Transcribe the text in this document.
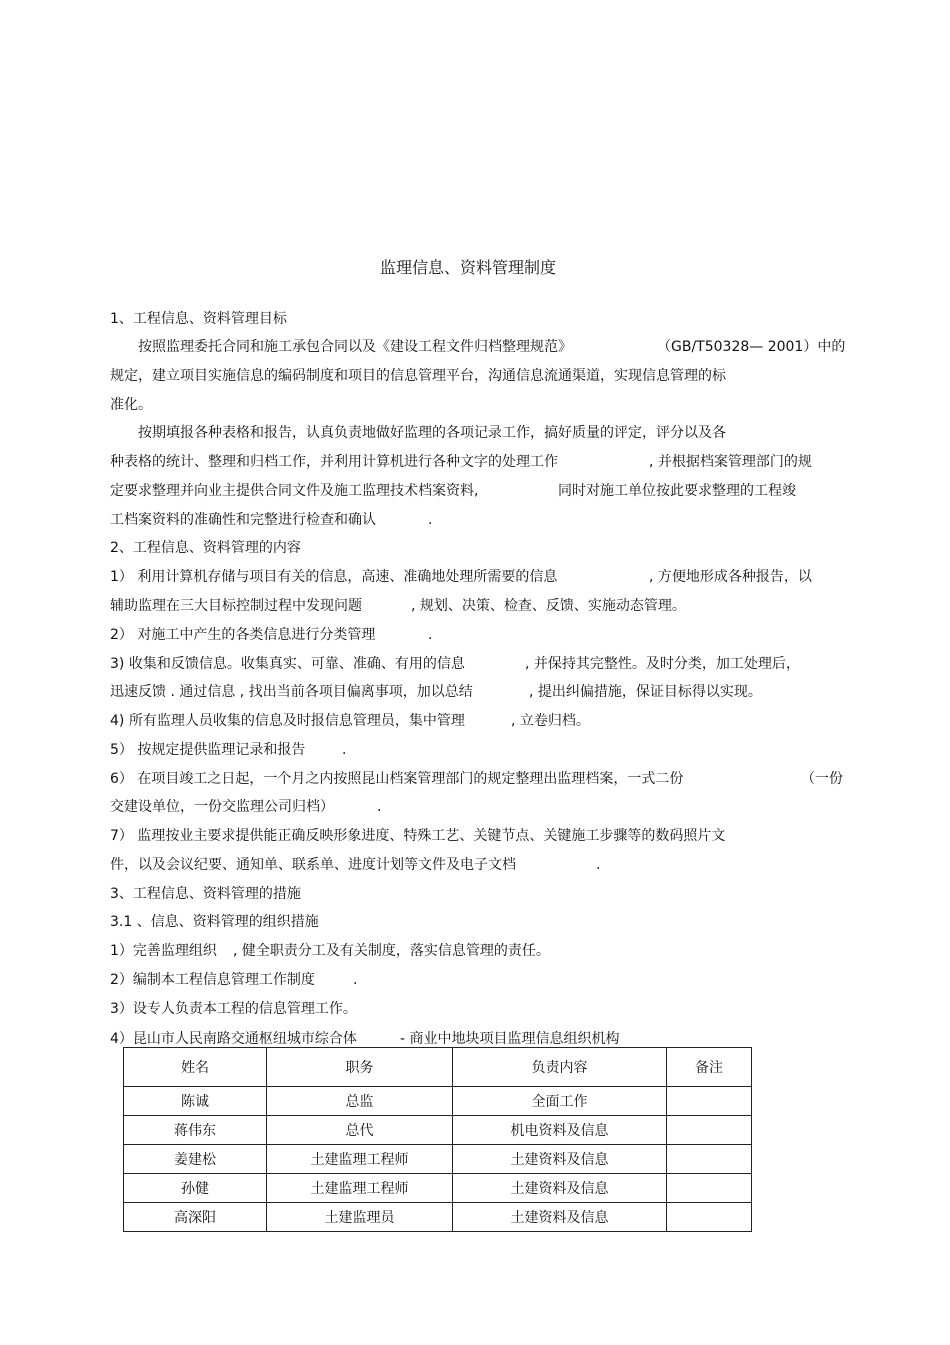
监理信息、资料管理制度
1、工程信息、资料管理目标
按照监理委托合同和施工承包合同以及《建设工程文件归档整理规范》	（GB/T50328— 2001）中的
规定，建立项目实施信息的编码制度和项目的信息管理平台，沟通信息流通渠道，实现信息管理的标
准化。
按期填报各种表格和报告，认真负责地做好监理的各项记录工作，搞好质量的评定，评分以及各
种表格的统计、整理和归档工作，并利用计算机进行各种文字的处理工作	, 并根据档案管理部门的规
定要求整理并向业主提供合同文件及施工监理技术档案资料,	同时对施工单位按此要求整理的工程竣
工档案资料的准确性和完整进行检查和确认	.
2、工程信息、资料管理的内容
1） 利用计算机存储与项目有关的信息，高速、准确地处理所需要的信息	, 方便地形成各种报告，以
辅助监理在三大目标控制过程中发现问题	, 规划、决策、检查、反馈、实施动态管理。
2） 对施工中产生的各类信息进行分类管理	.
3) 收集和反馈信息。收集真实、可靠、准确、有用的信息	, 并保持其完整性。及时分类，加工处理后，
迅速反馈 . 通过信息 , 找出当前各项目偏离事项，加以总结	, 提出纠偏措施，保证目标得以实现。
4) 所有监理人员收集的信息及时报信息管理员，集中管理	, 立卷归档。
5） 按规定提供监理记录和报告	.
6） 在项目竣工之日起，一个月之内按照昆山档案管理部门的规定整理出监理档案，一式二份	（一份
交建设单位，一份交监理公司归档）	.
7） 监理按业主要求提供能正确反映形象进度、特殊工艺、关键节点、关键施工步骤等的数码照片文
件，以及会议纪要、通知单、联系单、进度计划等文件及电子文档	.
3、工程信息、资料管理的措施
3.1 、信息、资料管理的组织措施
1）完善监理组织 , 健全职责分工及有关制度，落实信息管理的责任。
2）编制本工程信息管理工作制度	.
3）设专人负责本工程的信息管理工作。
4）昆山市人民南路交通枢纽城市综合体	- 商业中地块项目监理信息组织机构
姓名	职务	负责内容	备注
陈诚	总监	全面工作	
蒋伟东	总代	机电资料及信息	
姜建松	土建监理工程师	土建资料及信息	
孙健	土建监理工程师	土建资料及信息	
高深阳	土建监理员	土建资料及信息	
